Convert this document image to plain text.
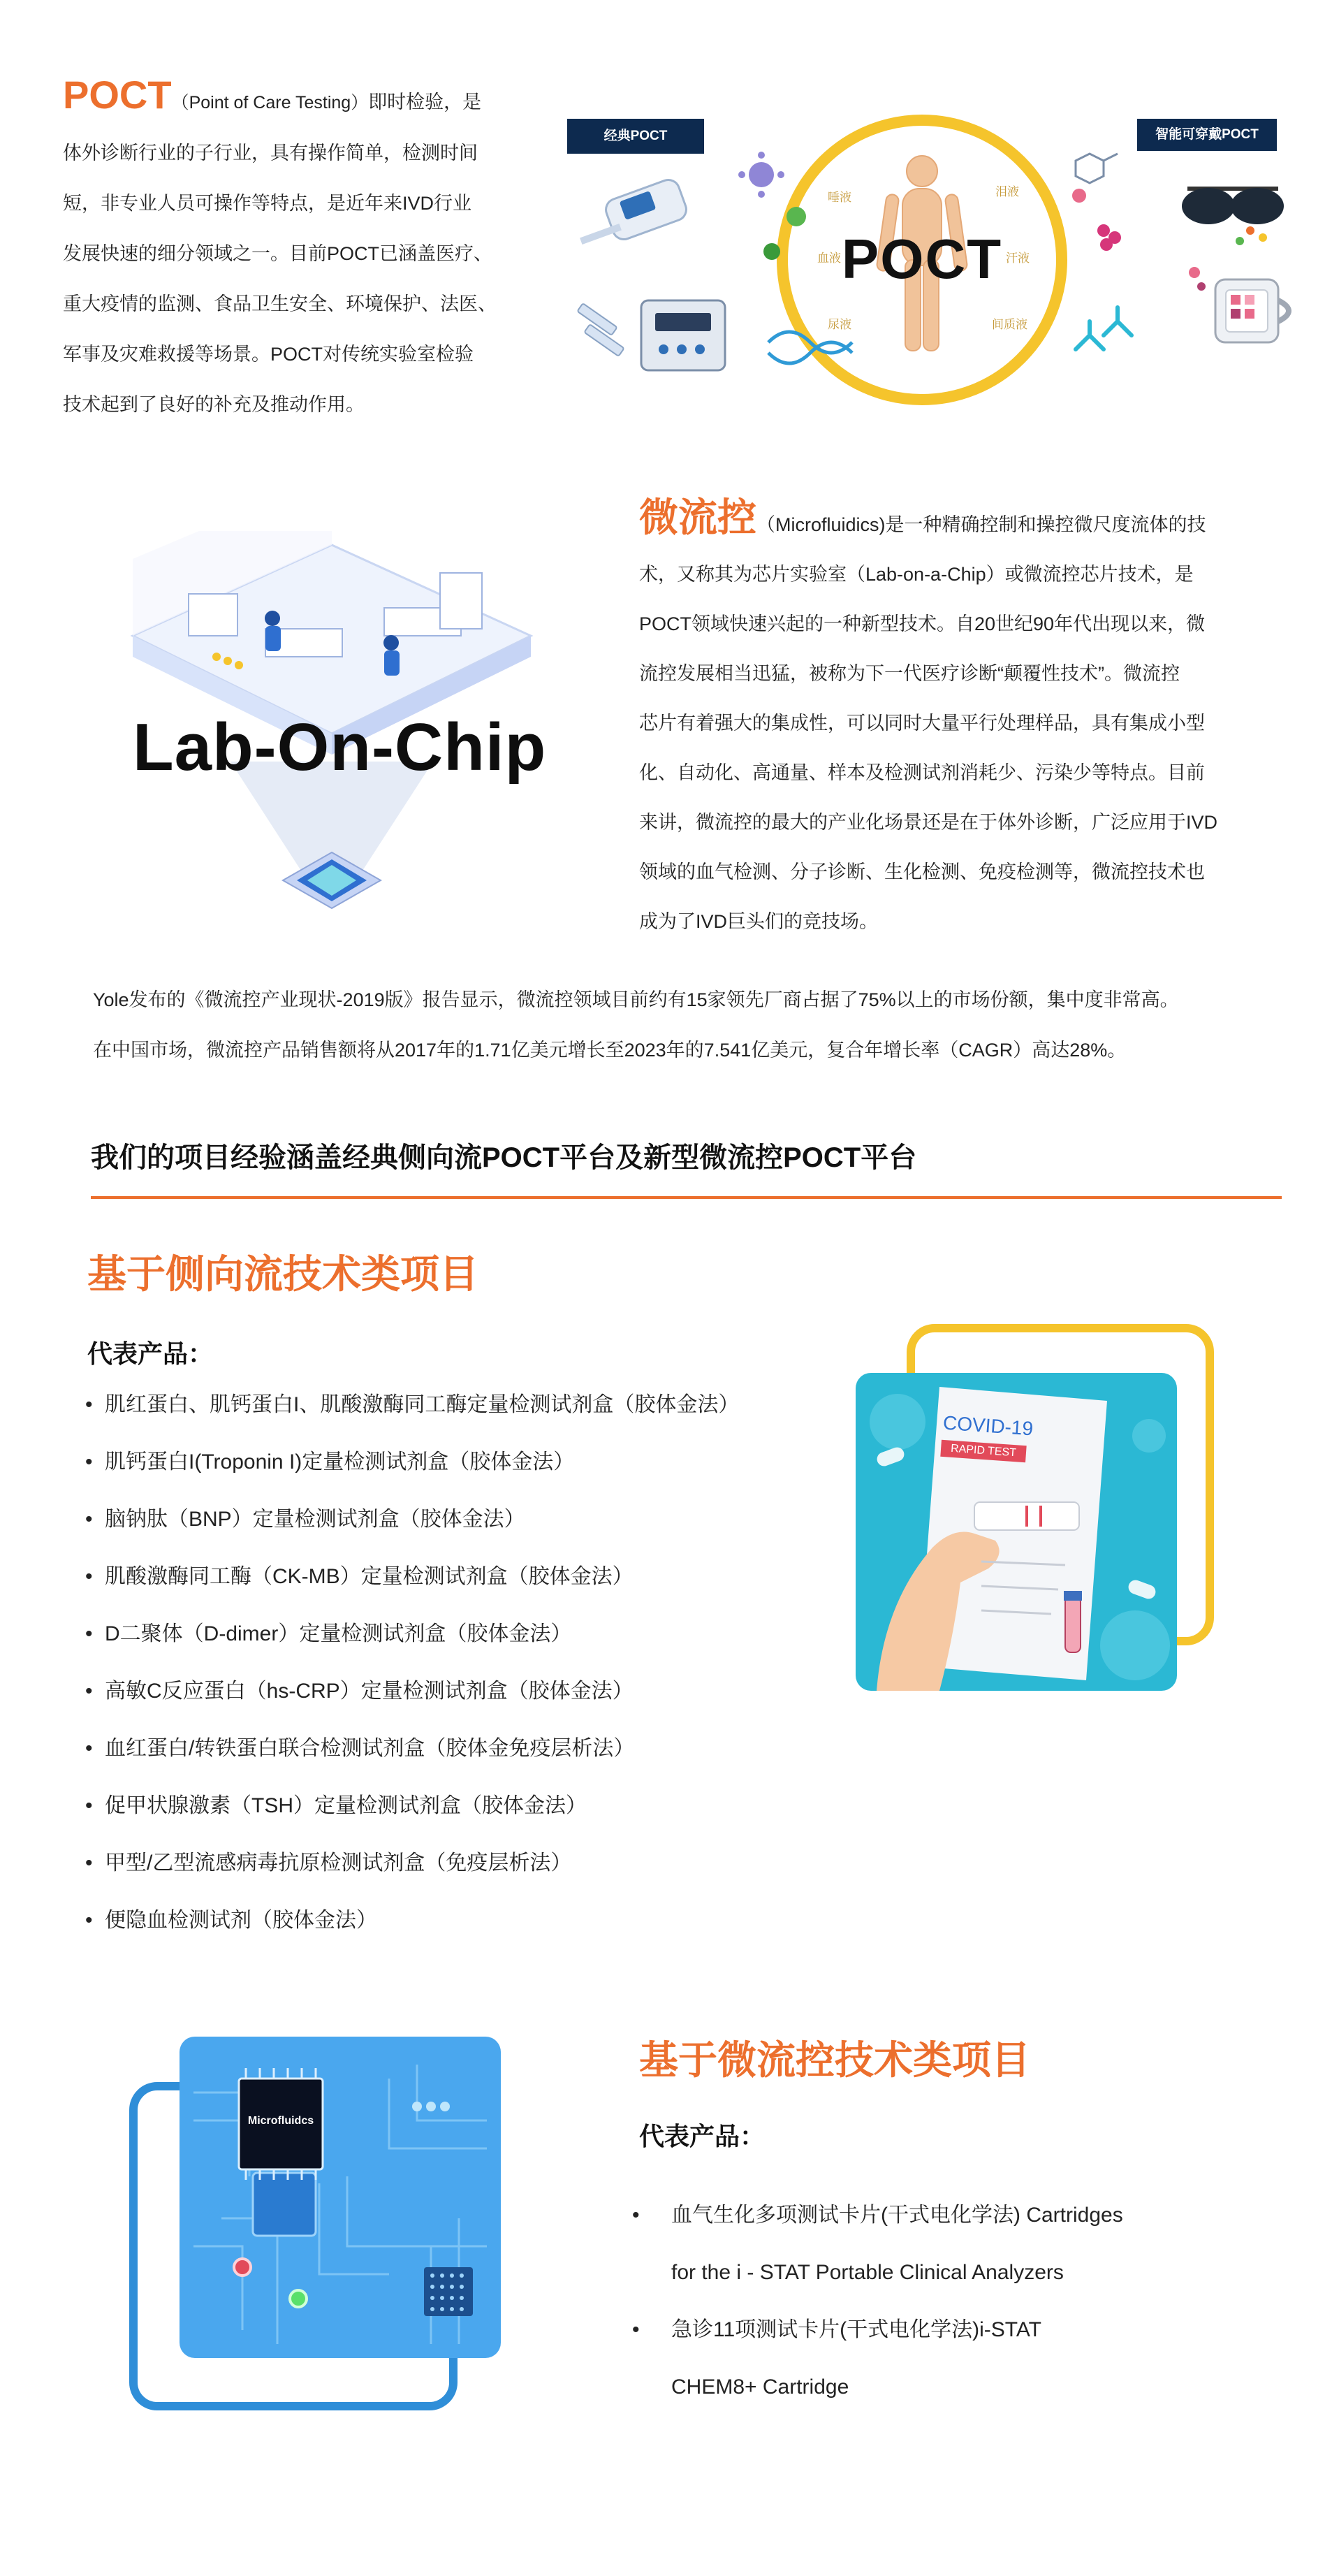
POCT（Point of Care Testing）即时检验，是
体外诊断行业的子行业，具有操作简单，检测时间
短，非专业人员可操作等特点，是近年来IVD行业
发展快速的细分领域之一。目前POCT已涵盖医疗、
重大疫情的监测、食品卫生安全、环境保护、法医、
军事及灾难救援等场景。POCT对传统实验室检验
技术起到了良好的补充及推动作用。
经典POCT	智能可穿戴POCT
唾液	泪液
血液	汗液
尿液	间质液
POCT
Lab-On-Chip
微流控（Microfluidics)是一种精确控制和操控微尺度流体的技
术，又称其为芯片实验室（Lab-on-a-Chip）或微流控芯片技术，是
POCT领域快速兴起的一种新型技术。自20世纪90年代出现以来，微
流控发展相当迅猛，被称为下一代医疗诊断“颠覆性技术”。微流控
芯片有着强大的集成性，可以同时大量平行处理样品，具有集成小型
化、自动化、高通量、样本及检测试剂消耗少、污染少等特点。目前
来讲，微流控的最大的产业化场景还是在于体外诊断，广泛应用于IVD
领域的血气检测、分子诊断、生化检测、免疫检测等，微流控技术也
成为了IVD巨头们的竞技场。
Yole发布的《微流控产业现状-2019版》报告显示，微流控领域目前约有15家领先厂商占据了75%以上的市场份额，集中度非常高。
在中国市场，微流控产品销售额将从2017年的1.71亿美元增长至2023年的7.541亿美元，复合年增长率（CAGR）高达28%。
我们的项目经验涵盖经典侧向流POCT平台及新型微流控POCT平台
基于侧向流技术类项目
代表产品：
• 肌红蛋白、肌钙蛋白I、肌酸激酶同工酶定量检测试剂盒（胶体金法）
• 肌钙蛋白I(Troponin I)定量检测试剂盒（胶体金法）
• 脑钠肽（BNP）定量检测试剂盒（胶体金法）
• 肌酸激酶同工酶（CK-MB）定量检测试剂盒（胶体金法）
• D二聚体（D-dimer）定量检测试剂盒（胶体金法）
• 高敏C反应蛋白（hs-CRP）定量检测试剂盒（胶体金法）
• 血红蛋白/转铁蛋白联合检测试剂盒（胶体金免疫层析法）
• 促甲状腺激素（TSH）定量检测试剂盒（胶体金法）
• 甲型/乙型流感病毒抗原检测试剂盒（免疫层析法）
• 便隐血检测试剂（胶体金法）
COVID-19
RAPID TEST
Microfluidcs
基于微流控技术类项目
代表产品：
• 血气生化多项测试卡片(干式电化学法) Cartridges
for the i - STAT Portable Clinical Analyzers
• 急诊11项测试卡片(干式电化学法)i-STAT
CHEM8+ Cartridge
